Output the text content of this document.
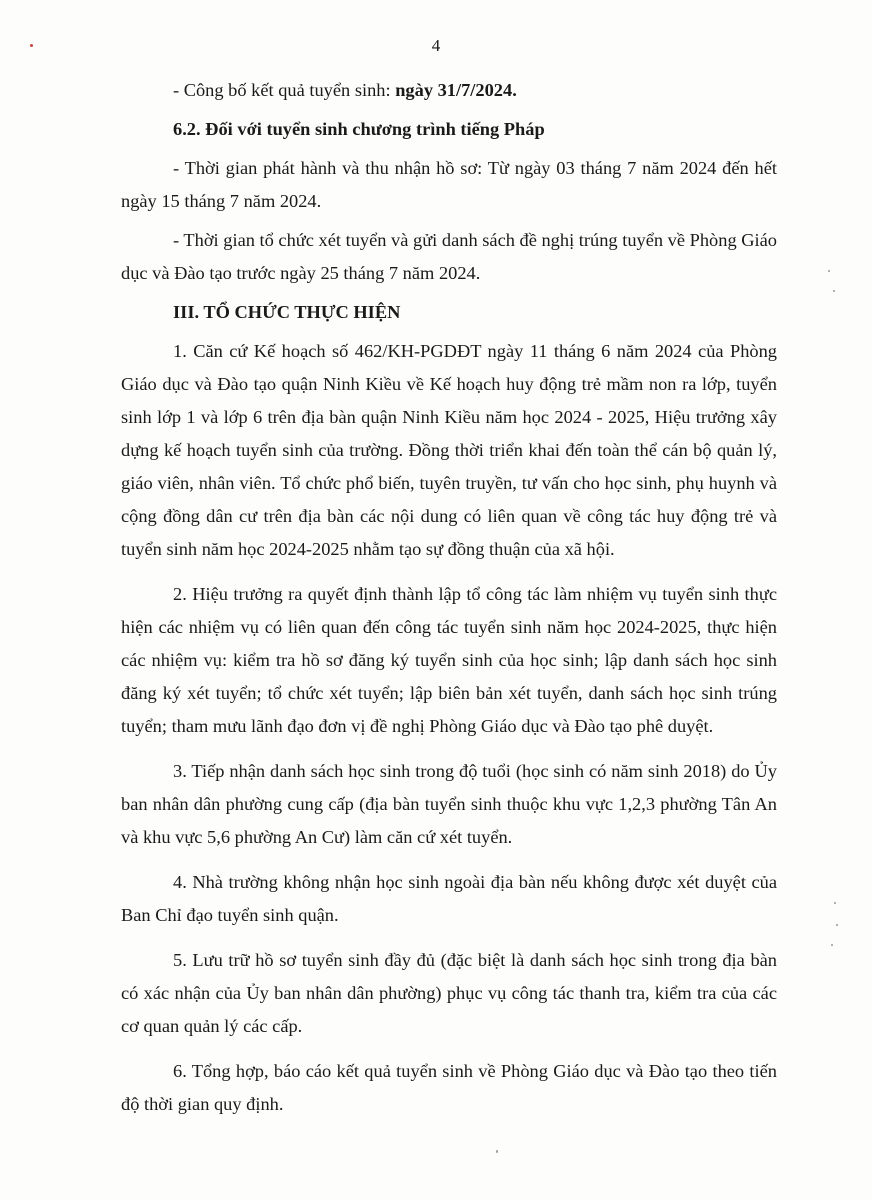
4

- Công bố kết quả tuyển sinh: ngày 31/7/2024.

6.2. Đối với tuyển sinh chương trình tiếng Pháp

- Thời gian phát hành và thu nhận hồ sơ: Từ ngày 03 tháng 7 năm 2024 đến hết ngày 15 tháng 7 năm 2024.

- Thời gian tổ chức xét tuyển và gửi danh sách đề nghị trúng tuyển về Phòng Giáo dục và Đào tạo trước ngày 25 tháng 7 năm 2024.

III. TỔ CHỨC THỰC HIỆN

1. Căn cứ Kế hoạch số 462/KH-PGDĐT ngày 11 tháng 6 năm 2024 của Phòng Giáo dục và Đào tạo quận Ninh Kiều về Kế hoạch huy động trẻ mầm non ra lớp, tuyển sinh lớp 1 và lớp 6 trên địa bàn quận Ninh Kiều năm học 2024 - 2025, Hiệu trưởng xây dựng kế hoạch tuyển sinh của trường. Đồng thời triển khai đến toàn thể cán bộ quản lý, giáo viên, nhân viên. Tổ chức phổ biến, tuyên truyền, tư vấn cho học sinh, phụ huynh và cộng đồng dân cư trên địa bàn các nội dung có liên quan về công tác huy động trẻ và tuyển sinh năm học 2024-2025 nhằm tạo sự đồng thuận của xã hội.

2. Hiệu trưởng ra quyết định thành lập tổ công tác làm nhiệm vụ tuyển sinh thực hiện các nhiệm vụ có liên quan đến công tác tuyển sinh năm học 2024-2025, thực hiện các nhiệm vụ: kiểm tra hồ sơ đăng ký tuyển sinh của học sinh; lập danh sách học sinh đăng ký xét tuyển; tổ chức xét tuyển; lập biên bản xét tuyển, danh sách học sinh trúng tuyển; tham mưu lãnh đạo đơn vị đề nghị Phòng Giáo dục và Đào tạo phê duyệt.

3. Tiếp nhận danh sách học sinh trong độ tuổi (học sinh có năm sinh 2018) do Ủy ban nhân dân phường cung cấp (địa bàn tuyển sinh thuộc khu vực 1,2,3 phường Tân An và khu vực 5,6 phường An Cư) làm căn cứ xét tuyển.

4. Nhà trường không nhận học sinh ngoài địa bàn nếu không được xét duyệt của Ban Chỉ đạo tuyển sinh quận.

5. Lưu trữ hồ sơ tuyển sinh đầy đủ (đặc biệt là danh sách học sinh trong địa bàn có xác nhận của Ủy ban nhân dân phường) phục vụ công tác thanh tra, kiểm tra của các cơ quan quản lý các cấp.

6. Tổng hợp, báo cáo kết quả tuyển sinh về Phòng Giáo dục và Đào tạo theo tiến độ thời gian quy định.
